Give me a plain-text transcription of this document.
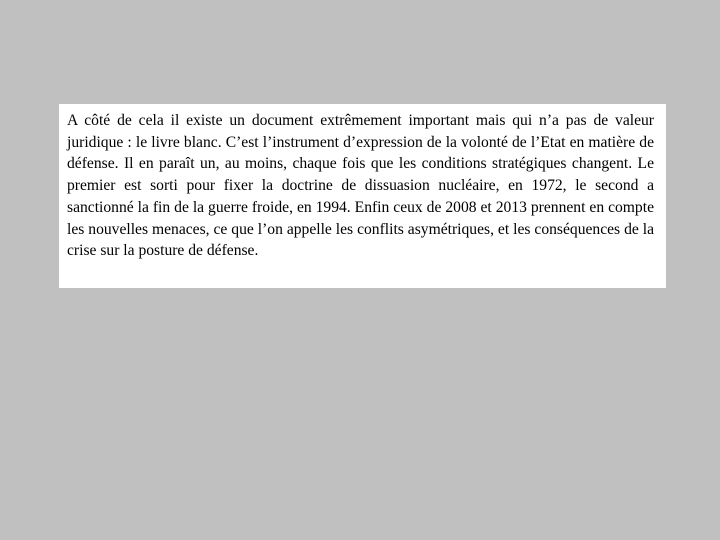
A côté de cela il existe un document extrêmement important mais qui n’a pas de valeur juridique : le livre blanc. C’est l’instrument d’expression de la volonté de l’Etat en matière de défense. Il en paraît un, au moins, chaque fois que les conditions stratégiques changent. Le premier est sorti pour fixer la doctrine de dissuasion nucléaire, en 1972, le second a sanctionné la fin de la guerre froide, en 1994. Enfin ceux de 2008 et 2013 prennent en compte les nouvelles menaces, ce que l’on appelle les conflits asymétriques, et les conséquences de la crise sur la posture de défense.
